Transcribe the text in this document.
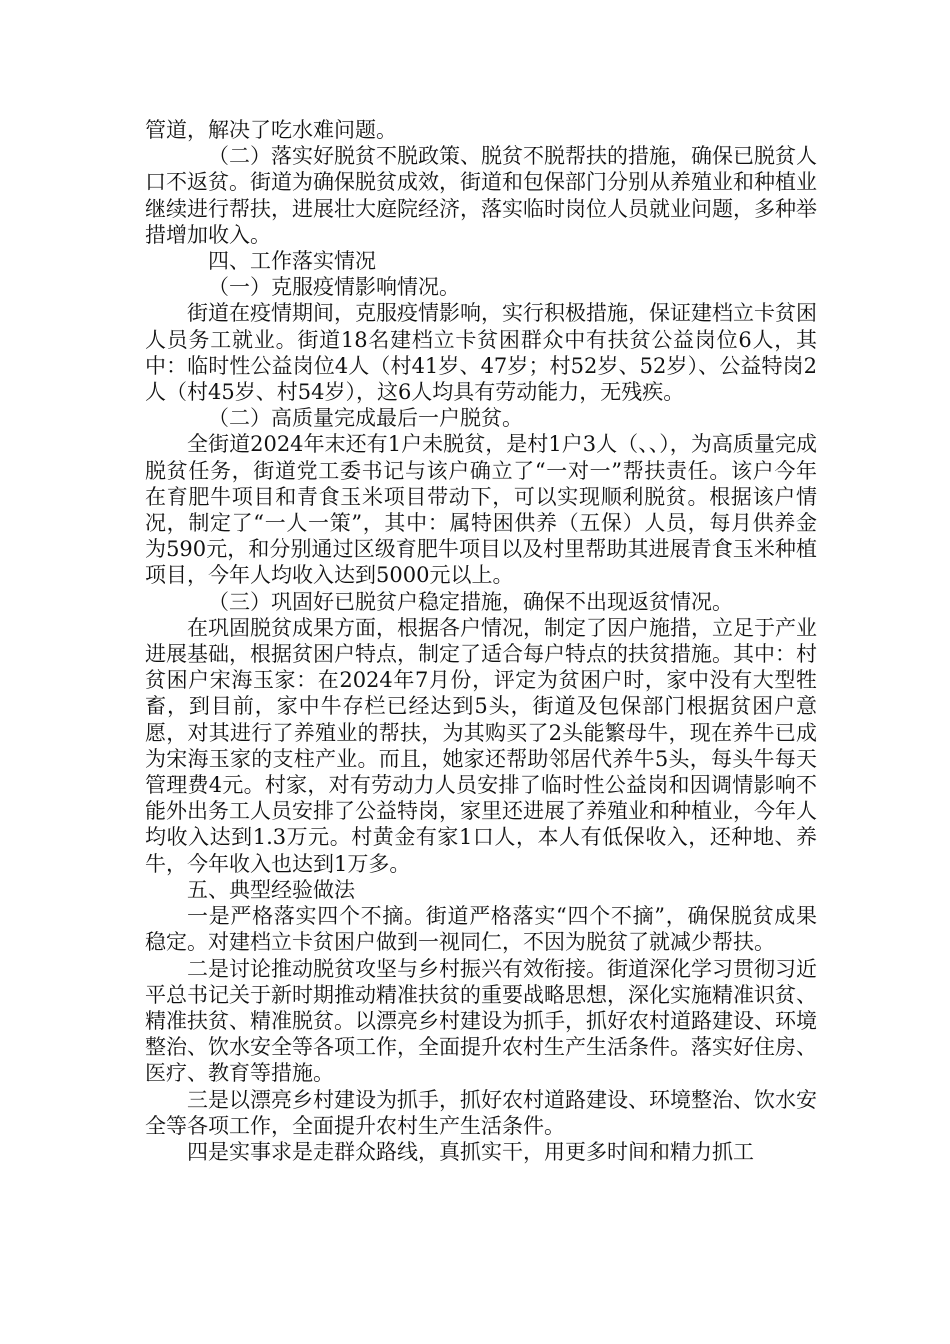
管道，解决了吃水难问题。

（二）落实好脱贫不脱政策、脱贫不脱帮扶的措施，确保已脱贫人口不返贫。街道为确保脱贫成效，街道和包保部门分别从养殖业和种植业继续进行帮扶，进展壮大庭院经济，落实临时岗位人员就业问题，多种举措增加收入。

四、工作落实情况

（一）克服疫情影响情况。

街道在疫情期间，克服疫情影响，实行积极措施，保证建档立卡贫困人员务工就业。街道18名建档立卡贫困群众中有扶贫公益岗位6人，其中：临时性公益岗位4人（村41岁、47岁；村52岁、52岁）、公益特岗2人（村45岁、村54岁），这6人均具有劳动能力，无残疾。

（二）高质量完成最后一户脱贫。

全街道2024年末还有1户未脱贫，是村1户3人（、、），为高质量完成脱贫任务，街道党工委书记与该户确立了“一对一”帮扶责任。该户今年在育肥牛项目和青食玉米项目带动下，可以实现顺利脱贫。根据该户情况，制定了“一人一策”，其中：属特困供养（五保）人员，每月供养金为590元，和分别通过区级育肥牛项目以及村里帮助其进展青食玉米种植项目，今年人均收入达到5000元以上。

（三）巩固好已脱贫户稳定措施，确保不出现返贫情况。

在巩固脱贫成果方面，根据各户情况，制定了因户施措，立足于产业进展基础，根据贫困户特点，制定了适合每户特点的扶贫措施。其中：村贫困户宋海玉家：在2024年7月份，评定为贫困户时，家中没有大型牲畜，到目前，家中牛存栏已经达到5头，街道及包保部门根据贫困户意愿，对其进行了养殖业的帮扶，为其购买了2头能繁母牛，现在养牛已成为宋海玉家的支柱产业。而且，她家还帮助邻居代养牛5头，每头牛每天管理费4元。村家，对有劳动力人员安排了临时性公益岗和因调情影响不能外出务工人员安排了公益特岗，家里还进展了养殖业和种植业，今年人均收入达到1.3万元。村黄金有家1口人，本人有低保收入，还种地、养牛，今年收入也达到1万多。

五、典型经验做法

一是严格落实四个不摘。街道严格落实“四个不摘”，确保脱贫成果稳定。对建档立卡贫困户做到一视同仁，不因为脱贫了就减少帮扶。

二是讨论推动脱贫攻坚与乡村振兴有效衔接。街道深化学习贯彻习近平总书记关于新时期推动精准扶贫的重要战略思想，深化实施精准识贫、精准扶贫、精准脱贫。以漂亮乡村建设为抓手，抓好农村道路建设、环境整治、饮水安全等各项工作，全面提升农村生产生活条件。落实好住房、医疗、教育等措施。

三是以漂亮乡村建设为抓手，抓好农村道路建设、环境整治、饮水安全等各项工作，全面提升农村生产生活条件。

四是实事求是走群众路线，真抓实干，用更多时间和精力抓工
